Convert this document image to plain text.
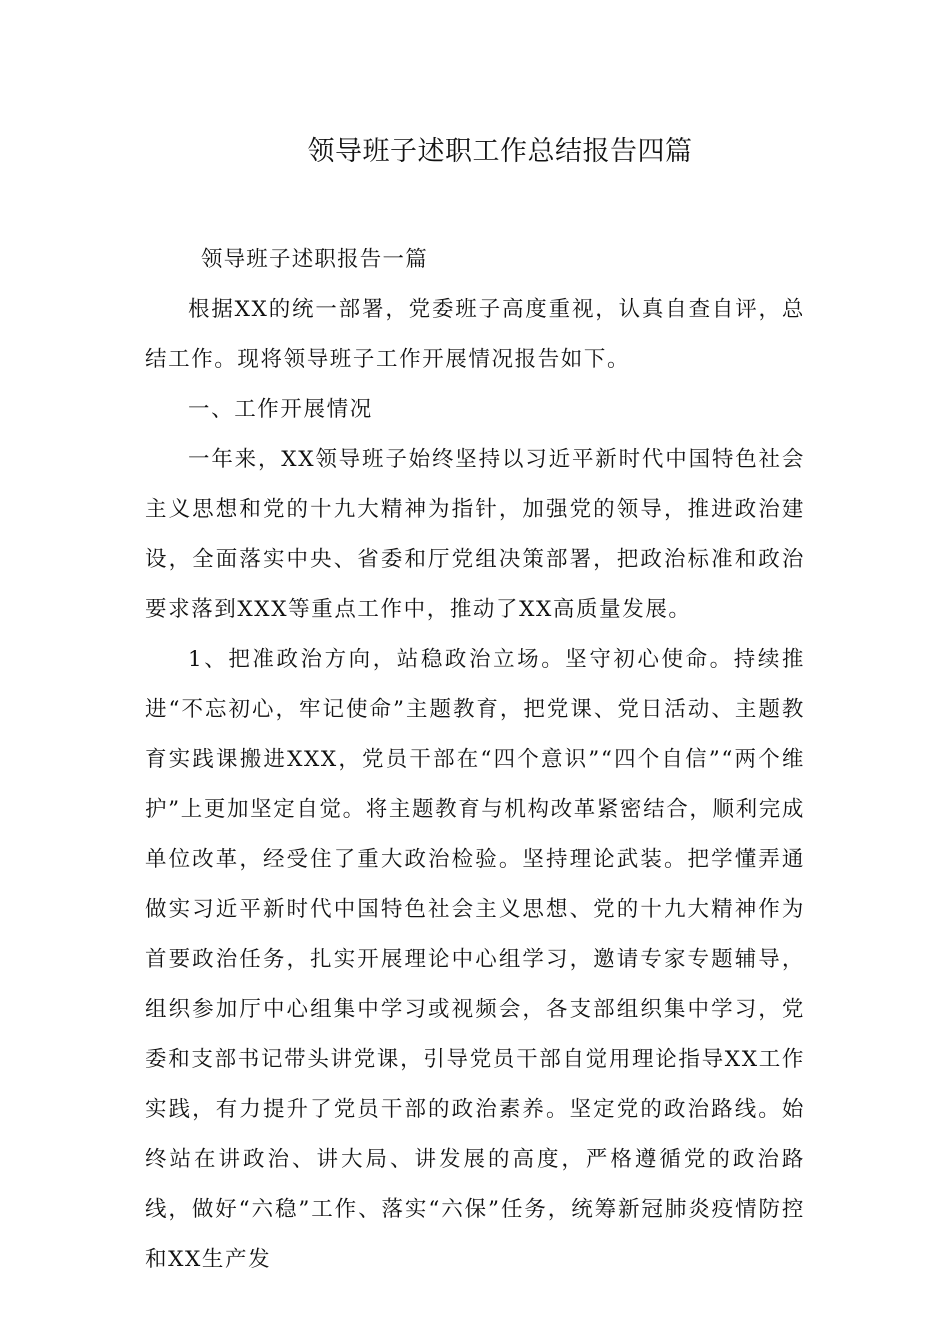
领导班子述职工作总结报告四篇

领导班子述职报告一篇

根据XX的统一部署，党委班子高度重视，认真自查自评，总结工作。现将领导班子工作开展情况报告如下。

一、工作开展情况

一年来，XX领导班子始终坚持以习近平新时代中国特色社会主义思想和党的十九大精神为指针，加强党的领导，推进政治建设，全面落实中央、省委和厅党组决策部署，把政治标准和政治要求落到XXX等重点工作中，推动了XX高质量发展。

1、把准政治方向，站稳政治立场。坚守初心使命。持续推进“不忘初心，牢记使命”主题教育，把党课、党日活动、主题教育实践课搬进XXX，党员干部在“四个意识”“四个自信”“两个维护”上更加坚定自觉。将主题教育与机构改革紧密结合，顺利完成单位改革，经受住了重大政治检验。坚持理论武装。把学懂弄通做实习近平新时代中国特色社会主义思想、党的十九大精神作为首要政治任务，扎实开展理论中心组学习，邀请专家专题辅导，组织参加厅中心组集中学习或视频会，各支部组织集中学习，党委和支部书记带头讲党课，引导党员干部自觉用理论指导XX工作实践，有力提升了党员干部的政治素养。坚定党的政治路线。始终站在讲政治、讲大局、讲发展的高度，严格遵循党的政治路线，做好“六稳”工作、落实“六保”任务，统筹新冠肺炎疫情防控和XX生产发
